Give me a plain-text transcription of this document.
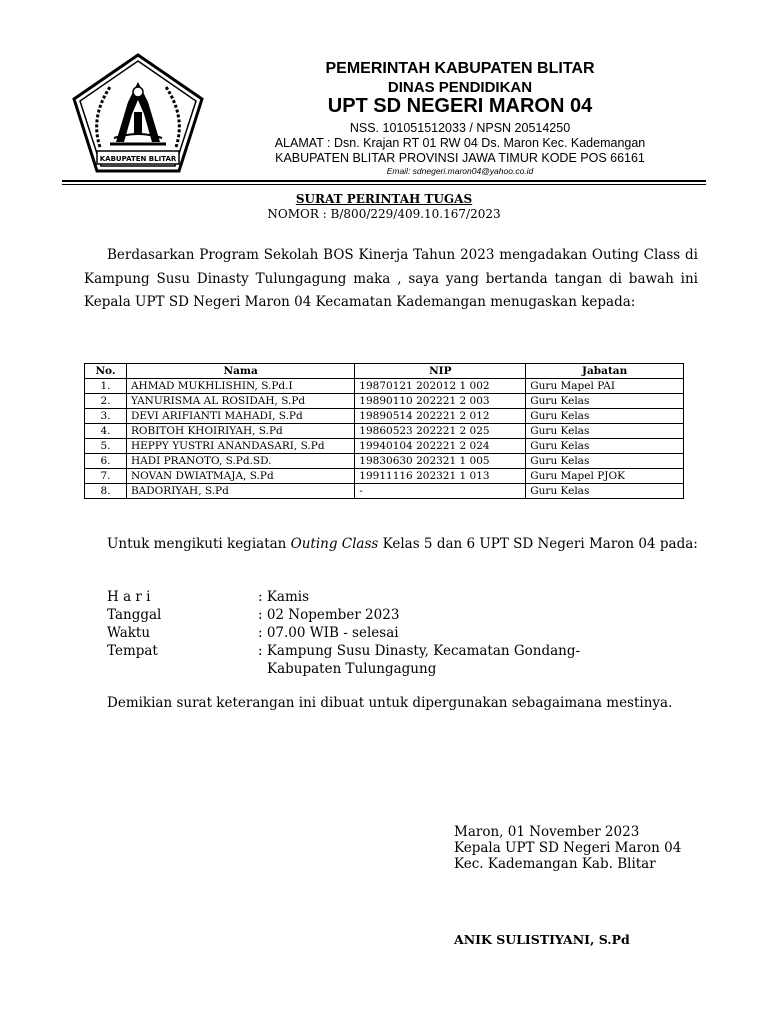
KABUPATEN BLITAR
PEMERINTAH KABUPATEN BLITAR
DINAS PENDIDIKAN
UPT SD NEGERI MARON 04
NSS. 101051512033 / NPSN 20514250
ALAMAT : Dsn. Krajan RT 01 RW 04 Ds. Maron Kec. Kademangan
KABUPATEN BLITAR PROVINSI JAWA TIMUR KODE POS 66161
Email: sdnegeri.maron04@yahoo.co.id
SURAT PERINTAH TUGAS
NOMOR : B/800/229/409.10.167/2023
Berdasarkan Program Sekolah BOS Kinerja Tahun 2023 mengadakan Outing Class di Kampung Susu Dinasty Tulungagung maka , saya yang bertanda tangan di bawah ini Kepala UPT SD Negeri Maron 04 Kecamatan Kademangan menugaskan kepada:
No.	Nama	NIP	Jabatan
1.	AHMAD MUKHLISHIN, S.Pd.I	19870121 202012 1 002	Guru Mapel PAI
2.	YANURISMA AL ROSIDAH, S.Pd	19890110 202221 2 003	Guru Kelas
3.	DEVI ARIFIANTI MAHADI, S.Pd	19890514 202221 2 012	Guru Kelas
4.	ROBITOH KHOIRIYAH, S.Pd	19860523 202221 2 025	Guru Kelas
5.	HEPPY YUSTRI ANANDASARI, S.Pd	19940104 202221 2 024	Guru Kelas
6.	HADI PRANOTO, S.Pd.SD.	19830630 202321 1 005	Guru Kelas
7.	NOVAN DWIATMAJA, S.Pd	19911116 202321 1 013	Guru Mapel PJOK
8.	BADORIYAH, S.Pd	-	Guru Kelas
Untuk mengikuti kegiatan Outing Class Kelas 5 dan 6 UPT SD Negeri Maron 04 pada:
H a r i	: Kamis
Tanggal	: 02 Nopember 2023
Waktu	: 07.00 WIB - selesai
Tempat	: Kampung Susu Dinasty, Kecamatan Gondang-
Kabupaten Tulungagung
Demikian surat keterangan ini dibuat untuk dipergunakan sebagaimana mestinya.
Maron, 01 November 2023
Kepala UPT SD Negeri Maron 04
Kec. Kademangan Kab. Blitar
ANIK SULISTIYANI, S.Pd
